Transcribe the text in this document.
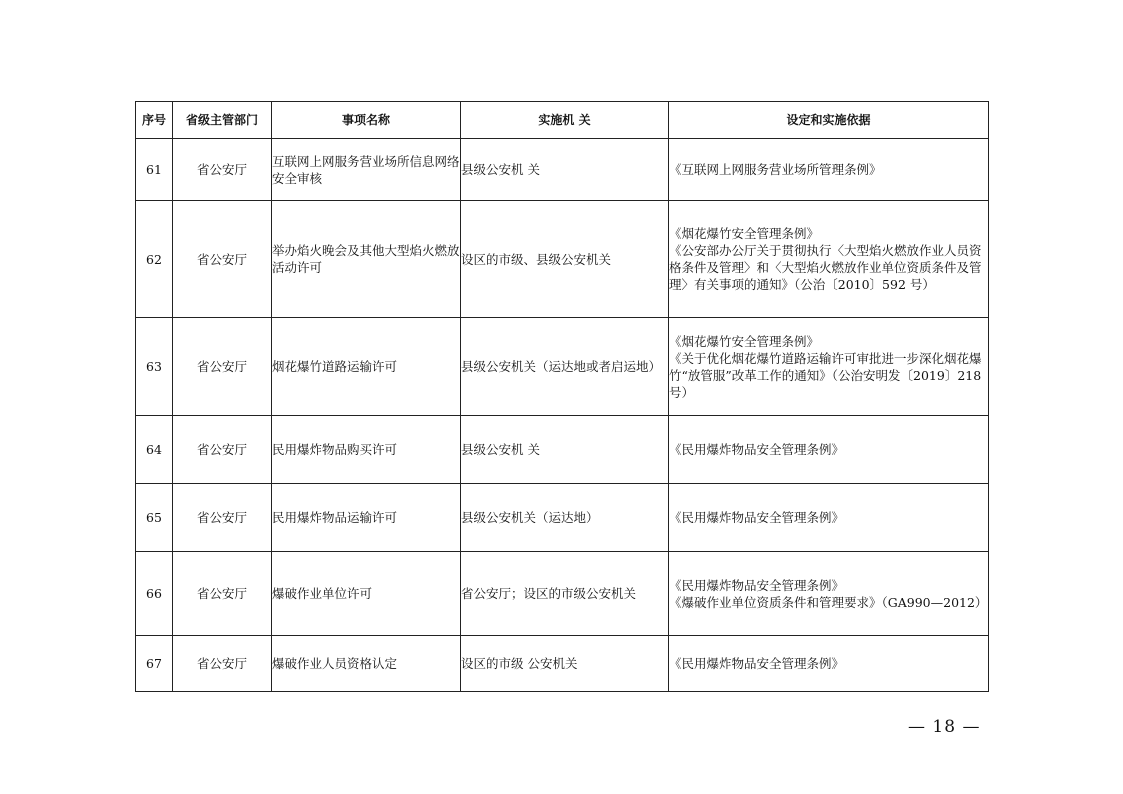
序号	省级主管部门	事项名称	实施机 关	设定和实施依据
61	省公安厅	互联网上网服务营业场所信息网络安全审核	县级公安机 关	《互联网上网服务营业场所管理条例》

62	省公安厅	举办焰火晚会及其他大型焰火燃放活动许可	设区的市级、县级公安机关	《烟花爆竹安全管理条例》
《公安部办公厅关于贯彻执行〈大型焰火燃放作业人员资格条件及管理〉和〈大型焰火燃放作业单位资质条件及管理〉有关事项的通知》（公治〔2010〕592 号）

63	省公安厅	烟花爆竹道路运输许可	县级公安机关（运达地或者启运地）	《烟花爆竹安全管理条例》
《关于优化烟花爆竹道路运输许可审批进一步深化烟花爆竹“放管服”改革工作的通知》（公治安明发〔2019〕218 号）

64	省公安厅	民用爆炸物品购买许可	县级公安机 关	《民用爆炸物品安全管理条例》

65	省公安厅	民用爆炸物品运输许可	县级公安机关（运达地）	《民用爆炸物品安全管理条例》

66	省公安厅	爆破作业单位许可	省公安厅；设区的市级公安机关	《民用爆炸物品安全管理条例》
《爆破作业单位资质条件和管理要求》（GA990—2012）

67	省公安厅	爆破作业人员资格认定	设区的市级 公安机关	《民用爆炸物品安全管理条例》
— 18 —
